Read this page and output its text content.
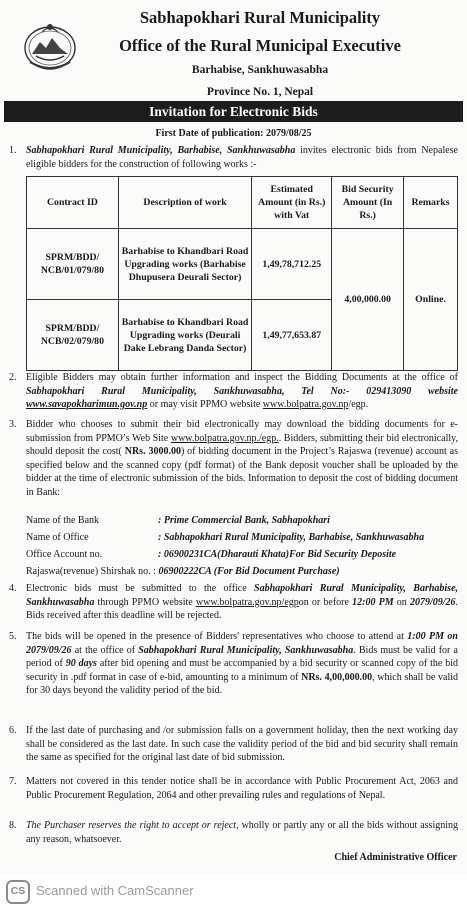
Sabhapokhari Rural Municipality
Office of the Rural Municipal Executive
Barhabise, Sankhuwasabha
Province No. 1, Nepal
Invitation for Electronic Bids
First Date of publication: 2079/08/25
1. Sabhapokhari Rural Municipality, Barhabise, Sankhuwasabha invites electronic bids from Nepalese eligible bidders for the construction of following works :-
Contract ID	Description of work	Estimated Amount (in Rs.) with Vat	Bid Security Amount (In Rs.)	Remarks
SPRM/BDD/ NCB/01/079/80	Barhabise to Khandbari Road Upgrading works (Barhabise Dhupusera Deurali Sector)	1,49,78,712.25	4,00,000.00	Online.
SPRM/BDD/ NCB/02/079/80	Barhabise to Khandbari Road Upgrading works (Deurali Dake Lebrang Danda Sector)	1,49,77,653.87		
2. Eligible Bidders may obtain further information and inspect the Bidding Documents at the office of Sabhapokhari Rural Municipality, Sankhuwasabha, Tel No:- 029413090 website www.savapokharimun.gov.np or may visit PPMO website www.bolpatra.gov.np/egp.
3. Bidder who chooses to submit their bid electronically may download the bidding documents for e-submission from PPMO’s Web Site www.bolpatra.gov.np./egp.. Bidders, submitting their bid electronically, should deposit the cost( NRs. 3000.00) of bidding document in the Project’s Rajaswa (revenue) account as specified below and the scanned copy (pdf format) of the Bank deposit voucher shall be uploaded by the bidder at the time of electronic submission of the bids. Information to deposit the cost of bidding document in Bank:
Name of the Bank	: Prime Commercial Bank, Sabhapokhari
Name of Office	: Sabhapokhari Rural Municipality, Barhabise, Sankhuwasabha
Office Account no.	: 06900231CA(Dharauti Khata)For Bid Security Deposite
Rajaswa(revenue) Shirshak no. : 06900222CA (For Bid Document Purchase)
4. Electronic bids must be submitted to the office Sabhapokhari Rural Municipality, Barhabise, Sankhuwasabha through PPMO website www.bolpatra.gov.np/egpon or before 12:00 PM on 2079/09/26. Bids received after this deadline will be rejected.
5. The bids will be opened in the presence of Bidders' representatives who choose to attend at 1:00 PM on 2079/09/26 at the office of Sabhapokhari Rural Municipality, Sankhuwasabha. Bids must be valid for a period of 90 days after bid opening and must be accompanied by a bid security or scanned copy of the bid security in .pdf format in case of e-bid, amounting to a minimum of NRs. 4,00,000.00, which shall be valid for 30 days beyond the validity period of the bid.
6. If the last date of purchasing and /or submission falls on a government holiday, then the next working day shall be considered as the last date. In such case the validity period of the bid and bid security shall remain the same as specified for the original last date of bid submission.
7. Matters not covered in this tender notice shall be in accordance with Public Procurement Act, 2063 and Public Procurement Regulation, 2064 and other prevailing rules and regulations of Nepal.
8. The Purchaser reserves the right to accept or reject, wholly or partly any or all the bids without assigning any reason, whatsoever.
Chief Administrative Officer
CS Scanned with CamScanner
